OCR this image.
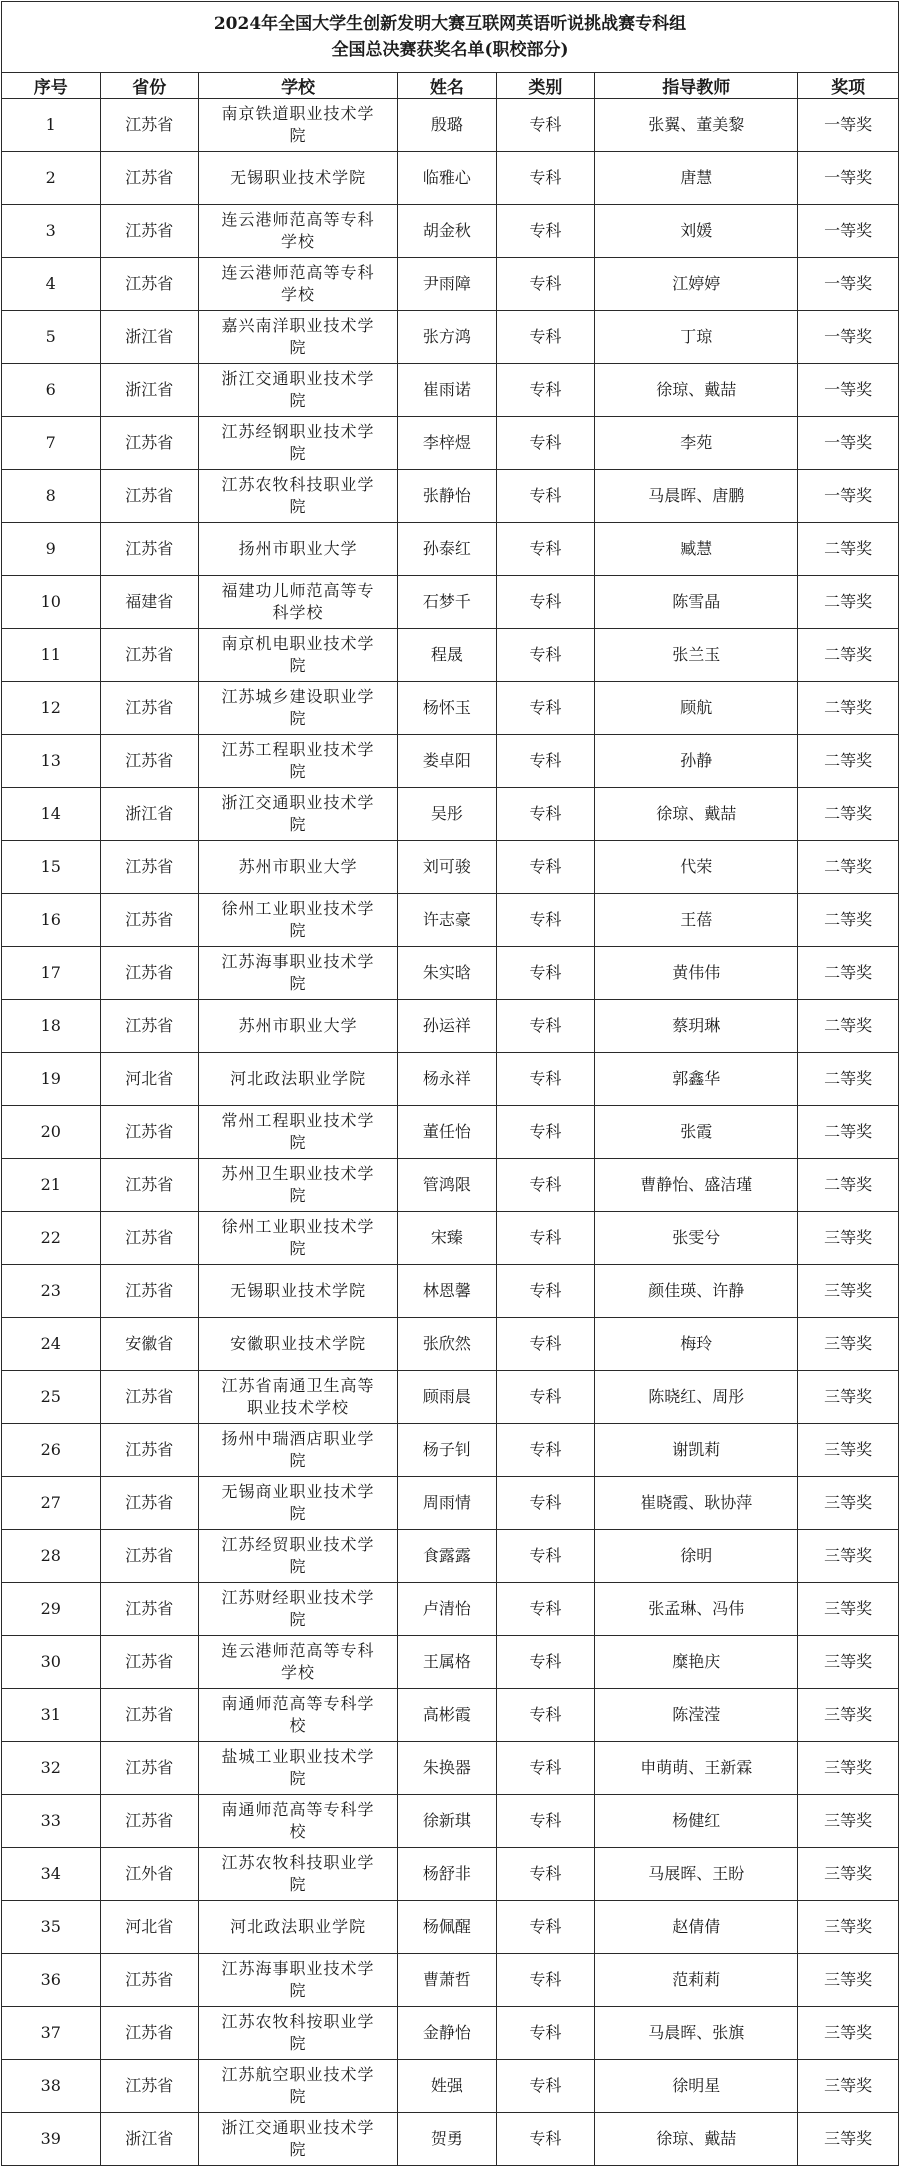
2024年全国大学生创新发明大赛互联网英语听说挑战赛专科组
全国总决赛获奖名单(职校部分)						

序号	省份	学校	姓名	类别	指导教师	奖项
1	江苏省	南京铁道职业技术学院	殷璐	专科	张翼、董美黎	一等奖
2	江苏省	无锡职业技术学院	临雅心	专科	唐慧	一等奖
3	江苏省	连云港师范高等专科学校	胡金秋	专科	刘媛	一等奖
4	江苏省	连云港师范高等专科学校	尹雨障	专科	江婷婷	一等奖
5	浙江省	嘉兴南洋职业技术学院	张方鸿	专科	丁琼	一等奖
6	浙江省	浙江交通职业技术学院	崔雨诺	专科	徐琼、戴喆	一等奖
7	江苏省	江苏经钢职业技术学院	李梓煜	专科	李苑	一等奖
8	江苏省	江苏农牧科技职业学院	张静怡	专科	马晨晖、唐鹏	一等奖
9	江苏省	扬州市职业大学	孙泰红	专科	臧慧	二等奖
10	福建省	福建功儿师范高等专科学校	石梦千	专科	陈雪晶	二等奖
11	江苏省	南京机电职业技术学院	程晟	专科	张兰玉	二等奖
12	江苏省	江苏城乡建设职业学院	杨怀玉	专科	顾航	二等奖
13	江苏省	江苏工程职业技术学院	娄卓阳	专科	孙静	二等奖
14	浙江省	浙江交通职业技术学院	吴彤	专科	徐琼、戴喆	二等奖
15	江苏省	苏州市职业大学	刘可骏	专科	代荣	二等奖
16	江苏省	徐州工业职业技术学院	许志豪	专科	王蓓	二等奖
17	江苏省	江苏海事职业技术学院	朱实晗	专科	黄伟伟	二等奖
18	江苏省	苏州市职业大学	孙运祥	专科	蔡玥琳	二等奖
19	河北省	河北政法职业学院	杨永祥	专科	郭鑫华	二等奖
20	江苏省	常州工程职业技术学院	董任怡	专科	张霞	二等奖
21	江苏省	苏州卫生职业技术学院	管鸿限	专科	曹静怡、盛洁瑾	二等奖
22	江苏省	徐州工业职业技术学院	宋臻	专科	张雯兮	三等奖
23	江苏省	无锡职业技术学院	林恩馨	专科	颜佳瑛、许静	三等奖
24	安徽省	安徽职业技术学院	张欣然	专科	梅玲	三等奖
25	江苏省	江苏省南通卫生高等职业技术学校	顾雨晨	专科	陈晓红、周彤	三等奖
26	江苏省	扬州中瑞酒店职业学院	杨子钊	专科	谢凯莉	三等奖
27	江苏省	无锡商业职业技术学院	周雨情	专科	崔晓霞、耿协萍	三等奖
28	江苏省	江苏经贸职业技术学院	食露露	专科	徐明	三等奖
29	江苏省	江苏财经职业技术学院	卢清怡	专科	张孟琳、冯伟	三等奖
30	江苏省	连云港师范高等专科学校	王属格	专科	糜艳庆	三等奖
31	江苏省	南通师范高等专科学校	高彬霞	专科	陈滢滢	三等奖
32	江苏省	盐城工业职业技术学院	朱换器	专科	申萌萌、王新霖	三等奖
33	江苏省	南通师范高等专科学校	徐新琪	专科	杨健红	三等奖
34	江外省	江苏农牧科技职业学院	杨舒非	专科	马展晖、王盼	三等奖
35	河北省	河北政法职业学院	杨佩醒	专科	赵倩倩	三等奖
36	江苏省	江苏海事职业技术学院	曹萧哲	专科	范莉莉	三等奖
37	江苏省	江苏农牧科按职业学院	金静怡	专科	马晨晖、张旗	三等奖
38	江苏省	江苏航空职业技术学院	姓强	专科	徐明星	三等奖
39	浙江省	浙江交通职业技术学院	贺勇	专科	徐琼、戴喆	三等奖
